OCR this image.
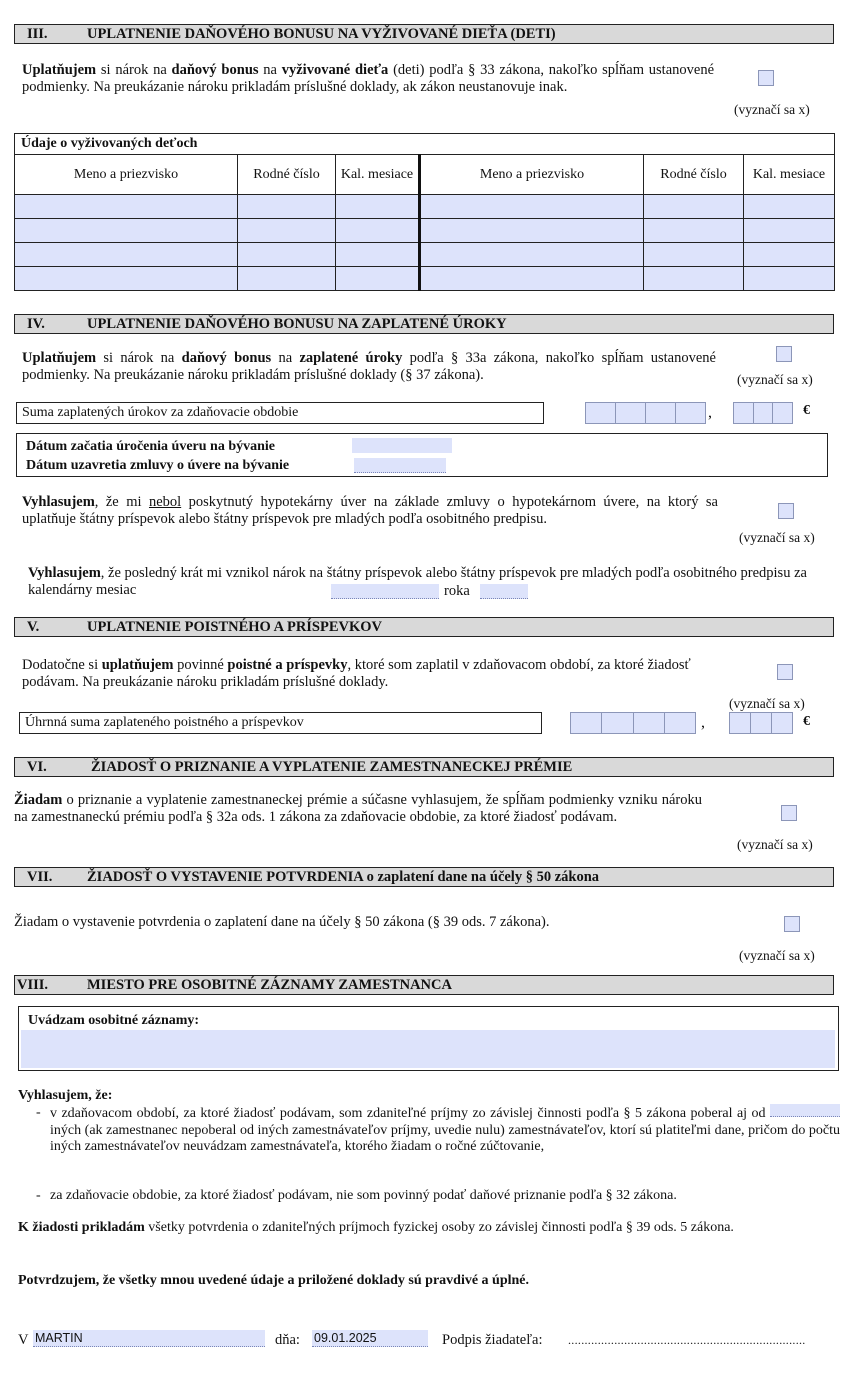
III.	UPLATNENIE DAŇOVÉHO BONUSU NA VYŽIVOVANÉ DIEŤA (DETI)
Uplatňujem si nárok na daňový bonus na vyživované dieťa (deti) podľa § 33 zákona, nakoľko spĺňam ustanovené podmienky. Na preukázanie nároku prikladám príslušné doklady, ak zákon neustanovuje inak.
(vyznačí sa x)
Údaje o vyživovaných deťoch					
Meno a priezvisko	Rodné číslo	Kal. mesiace	Meno a priezvisko	Rodné číslo	Kal. mesiace

IV.	UPLATNENIE DAŇOVÉHO BONUSU NA ZAPLATENÉ ÚROKY
Uplatňujem si nárok na daňový bonus na zaplatené úroky podľa § 33a zákona, nakoľko spĺňam ustanovené podmienky. Na preukázanie nároku prikladám príslušné doklady (§ 37 zákona).	(vyznačí sa x)
Suma zaplatených úrokov za zdaňovacie obdobie	,	€
Dátum začatia úročenia úveru na bývanie
Dátum uzavretia zmluvy o úvere na bývanie
Vyhlasujem, že mi nebol poskytnutý hypotekárny úver na základe zmluvy o hypotekárnom úvere, na ktorý sa uplatňuje štátny príspevok alebo štátny príspevok pre mladých podľa osobitného predpisu.
(vyznačí sa x)
Vyhlasujem, že posledný krát mi vznikol nárok na štátny príspevok alebo štátny príspevok pre mladých podľa osobitného predpisu za kalendárny mesiac	roka
V.	UPLATNENIE POISTNÉHO A PRÍSPEVKOV
Dodatočne si uplatňujem povinné poistné a príspevky, ktoré som zaplatil v zdaňovacom období, za ktoré žiadosť podávam. Na preukázanie nároku prikladám príslušné doklady.
(vyznačí sa x)
Úhrnná suma zaplateného poistného a príspevkov	,	€
VI.	ŽIADOSŤ O PRIZNANIE A VYPLATENIE ZAMESTNANECKEJ PRÉMIE
Žiadam o priznanie a vyplatenie zamestnaneckej prémie a súčasne vyhlasujem, že spĺňam podmienky vzniku nároku na zamestnaneckú prémiu podľa § 32a ods. 1 zákona za zdaňovacie obdobie, za ktoré žiadosť podávam.
(vyznačí sa x)
VII. ŽIADOSŤ O VYSTAVENIE POTVRDENIA o zaplatení dane na účely § 50 zákona
Žiadam o vystavenie potvrdenia o zaplatení dane na účely § 50 zákona (§ 39 ods. 7 zákona).
(vyznačí sa x)
VIII.	MIESTO PRE OSOBITNÉ ZÁZNAMY ZAMESTNANCA
Uvádzam osobitné záznamy:
Vyhlasujem, že:
- v zdaňovacom období, za ktoré žiadosť podávam, som zdaniteľné príjmy zo závislej činnosti podľa § 5 zákona poberal aj od  iných (ak zamestnanec nepoberal od iných zamestnávateľov príjmy, uvedie nulu) zamestnávateľov, ktorí sú platiteľmi dane, pričom do počtu iných zamestnávateľov neuvádzam zamestnávateľa, ktorého žiadam o ročné zúčtovanie,
- za zdaňovacie obdobie, za ktoré žiadosť podávam, nie som povinný podať daňové priznanie podľa § 32 zákona.
K žiadosti prikladám všetky potvrdenia o zdaniteľných príjmoch fyzickej osoby zo závislej činnosti podľa § 39 ods. 5 zákona.
Potvrdzujem, že všetky mnou uvedené údaje a priložené doklady sú pravdivé a úplné.
V MARTIN	dňa: 09.01.2025	Podpis žiadateľa: ........................................................................
